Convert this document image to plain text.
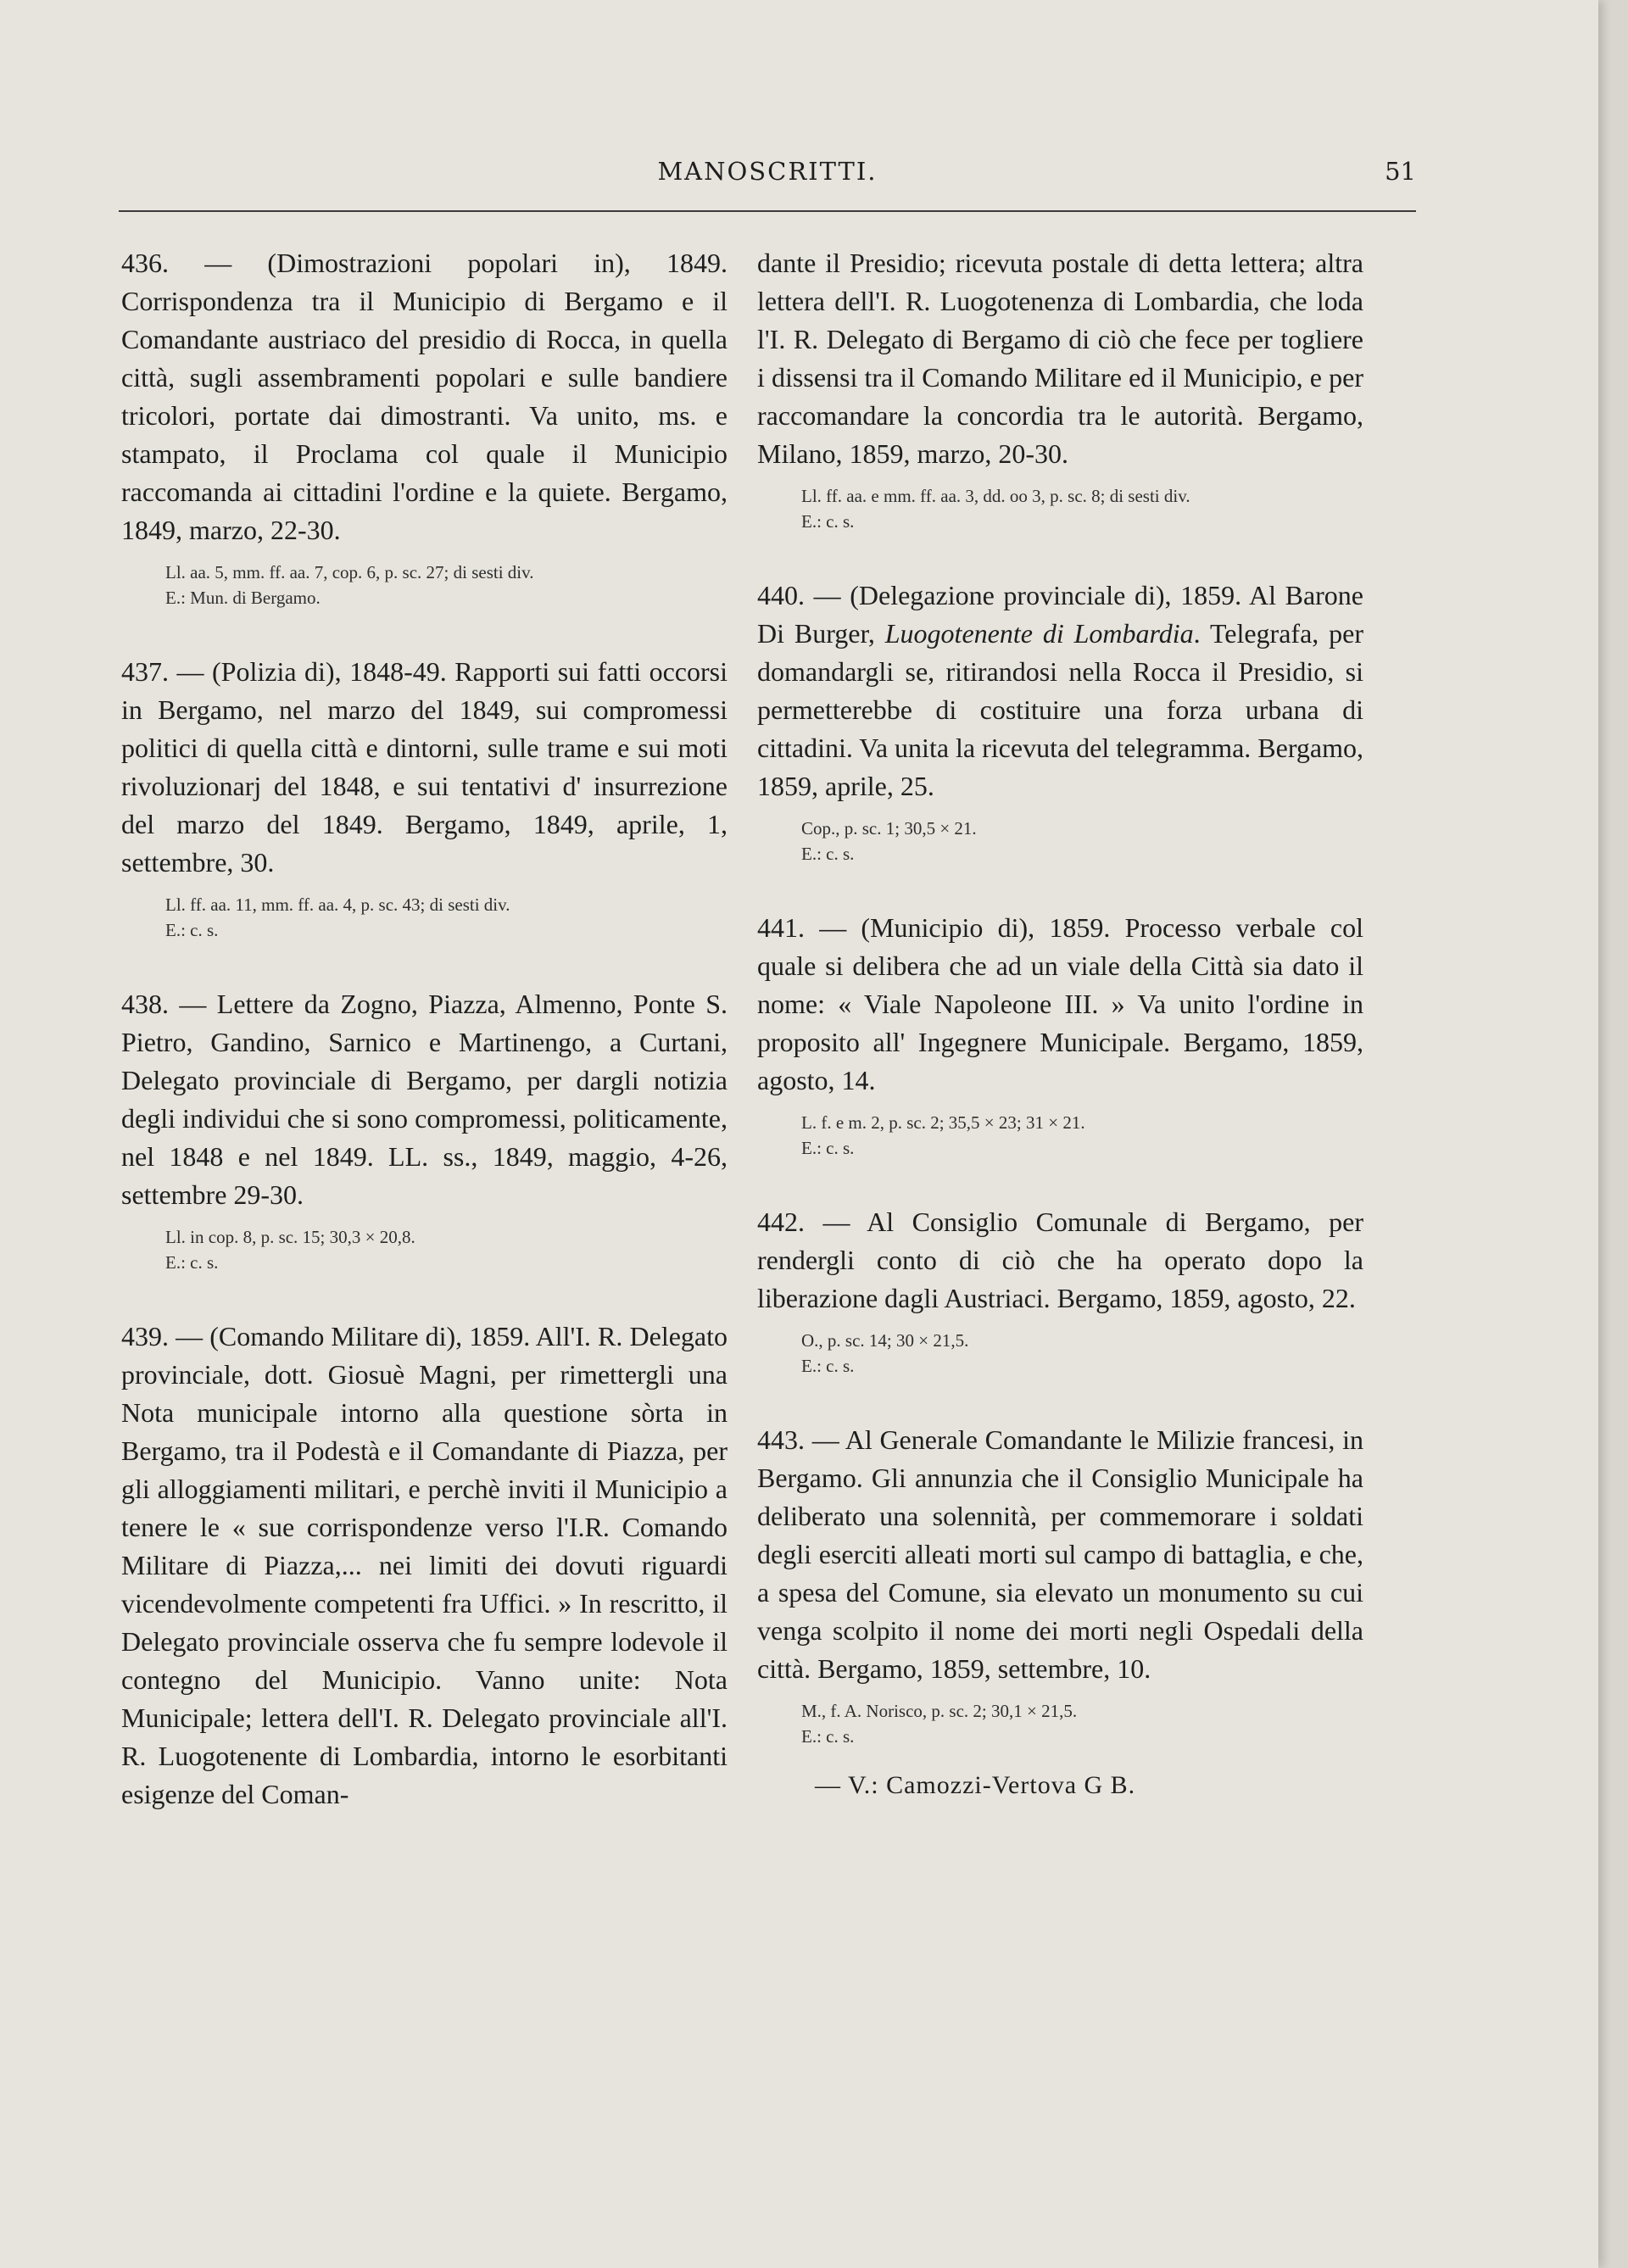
MANOSCRITTI.	51

436. — (Dimostrazioni popolari in), 1849. Corrispondenza tra il Municipio di Bergamo e il Comandante austriaco del presidio di Rocca, in quella città, sugli assembramenti popolari e sulle bandiere tricolori, portate dai dimostranti. Va unito, ms. e stampato, il Proclama col quale il Municipio raccomanda ai cittadini l'ordine e la quiete. Bergamo, 1849, marzo, 22-30.

Ll. aa. 5, mm. ff. aa. 7, cop. 6, p. sc. 27; di sesti div.
E.: Mun. di Bergamo.

437. — (Polizia di), 1848-49. Rapporti sui fatti occorsi in Bergamo, nel marzo del 1849, sui compromessi politici di quella città e dintorni, sulle trame e sui moti rivoluzionarj del 1848, e sui tentativi d' insurrezione del marzo del 1849. Bergamo, 1849, aprile, 1, settembre, 30.

Ll. ff. aa. 11, mm. ff. aa. 4, p. sc. 43; di sesti div.
E.: c. s.

438. — Lettere da Zogno, Piazza, Almenno, Ponte S. Pietro, Gandino, Sarnico e Martinengo, a Curtani, Delegato provinciale di Bergamo, per dargli notizia degli individui che si sono compromessi, politicamente, nel 1848 e nel 1849. LL. ss., 1849, maggio, 4-26, settembre 29-30.

Ll. in cop. 8, p. sc. 15; 30,3 × 20,8.
E.: c. s.

439. — (Comando Militare di), 1859. All'I. R. Delegato provinciale, dott. Giosuè Magni, per rimettergli una Nota municipale intorno alla questione sòrta in Bergamo, tra il Podestà e il Comandante di Piazza, per gli alloggiamenti militari, e perchè inviti il Municipio a tenere le « sue corrispondenze verso l'I.R. Comando Militare di Piazza,... nei limiti dei dovuti riguardi vicendevolmente competenti fra Uffici. » In rescritto, il Delegato provinciale osserva che fu sempre lodevole il contegno del Municipio. Vanno unite: Nota Municipale; lettera dell'I. R. Delegato provinciale all'I. R. Luogotenente di Lombardia, intorno le esorbitanti esigenze del Coman-

dante il Presidio; ricevuta postale di detta lettera; altra lettera dell'I. R. Luogotenenza di Lombardia, che loda l'I. R. Delegato di Bergamo di ciò che fece per togliere i dissensi tra il Comando Militare ed il Municipio, e per raccomandare la concordia tra le autorità. Bergamo, Milano, 1859, marzo, 20-30.

Ll. ff. aa. e mm. ff. aa. 3, dd. oo 3, p. sc. 8; di sesti div.
E.: c. s.

440. — (Delegazione provinciale di), 1859. Al Barone Di Burger, Luogotenente di Lombardia. Telegrafa, per domandargli se, ritirandosi nella Rocca il Presidio, si permetterebbe di costituire una forza urbana di cittadini. Va unita la ricevuta del telegramma. Bergamo, 1859, aprile, 25.

Cop., p. sc. 1; 30,5 × 21.
E.: c. s.

441. — (Municipio di), 1859. Processo verbale col quale si delibera che ad un viale della Città sia dato il nome: « Viale Napoleone III. » Va unito l'ordine in proposito all' Ingegnere Municipale. Bergamo, 1859, agosto, 14.

L. f. e m. 2, p. sc. 2; 35,5 × 23; 31 × 21.
E.: c. s.

442. — Al Consiglio Comunale di Bergamo, per rendergli conto di ciò che ha operato dopo la liberazione dagli Austriaci. Bergamo, 1859, agosto, 22.

O., p. sc. 14; 30 × 21,5.
E.: c. s.

443. — Al Generale Comandante le Milizie francesi, in Bergamo. Gli annunzia che il Consiglio Municipale ha deliberato una solennità, per commemorare i soldati degli eserciti alleati morti sul campo di battaglia, e che, a spesa del Comune, sia elevato un monumento su cui venga scolpito il nome dei morti negli Ospedali della città. Bergamo, 1859, settembre, 10.

M., f. A. Norisco, p. sc. 2; 30,1 × 21,5.
E.: c. s.
— V.: Camozzi-Vertova G B.
